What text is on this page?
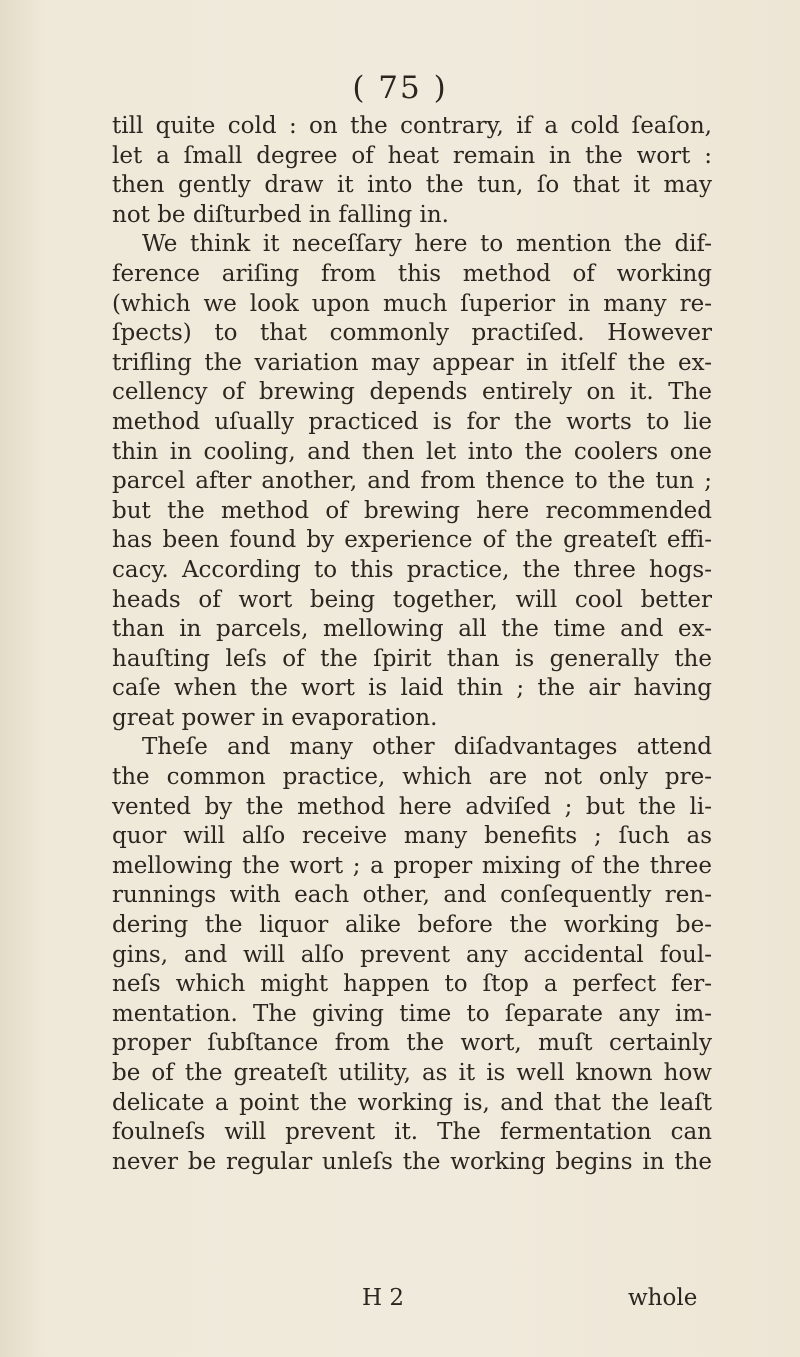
( 75 )
till quite cold : on the contrary, if a cold ſeaſon,
let a ſmall degree of heat remain in the wort :
then gently draw it into the tun, ſo that it may
not be diſturbed in falling in.
We think it neceſſary here to mention the dif-
ference ariſing from this method of working
(which we look upon much ſuperior in many re-
ſpects) to that commonly practiſed. However
trifling the variation may appear in itſelf the ex-
cellency of brewing depends entirely on it. The
method uſually practiced is for the worts to lie
thin in cooling, and then let into the coolers one
parcel after another, and from thence to the tun ;
but the method of brewing here recommended
has been found by experience of the greateſt effi-
cacy. According to this practice, the three hogs-
heads of wort being together, will cool better
than in parcels, mellowing all the time and ex-
hauſting leſs of the ſpirit than is generally the
caſe when the wort is laid thin ; the air having
great power in evaporation.
Theſe and many other diſadvantages attend
the common practice, which are not only pre-
vented by the method here adviſed ; but the li-
quor will alſo receive many benefits ; ſuch as
mellowing the wort ; a proper mixing of the three
runnings with each other, and conſequently ren-
dering the liquor alike before the working be-
gins, and will alſo prevent any accidental foul-
neſs which might happen to ſtop a perfect fer-
mentation. The giving time to ſeparate any im-
proper ſubſtance from the wort, muſt certainly
be of the greateſt utility, as it is well known how
delicate a point the working is, and that the leaſt
foulneſs will prevent it. The fermentation can
never be regular unleſs the working begins in the
H 2	whole
